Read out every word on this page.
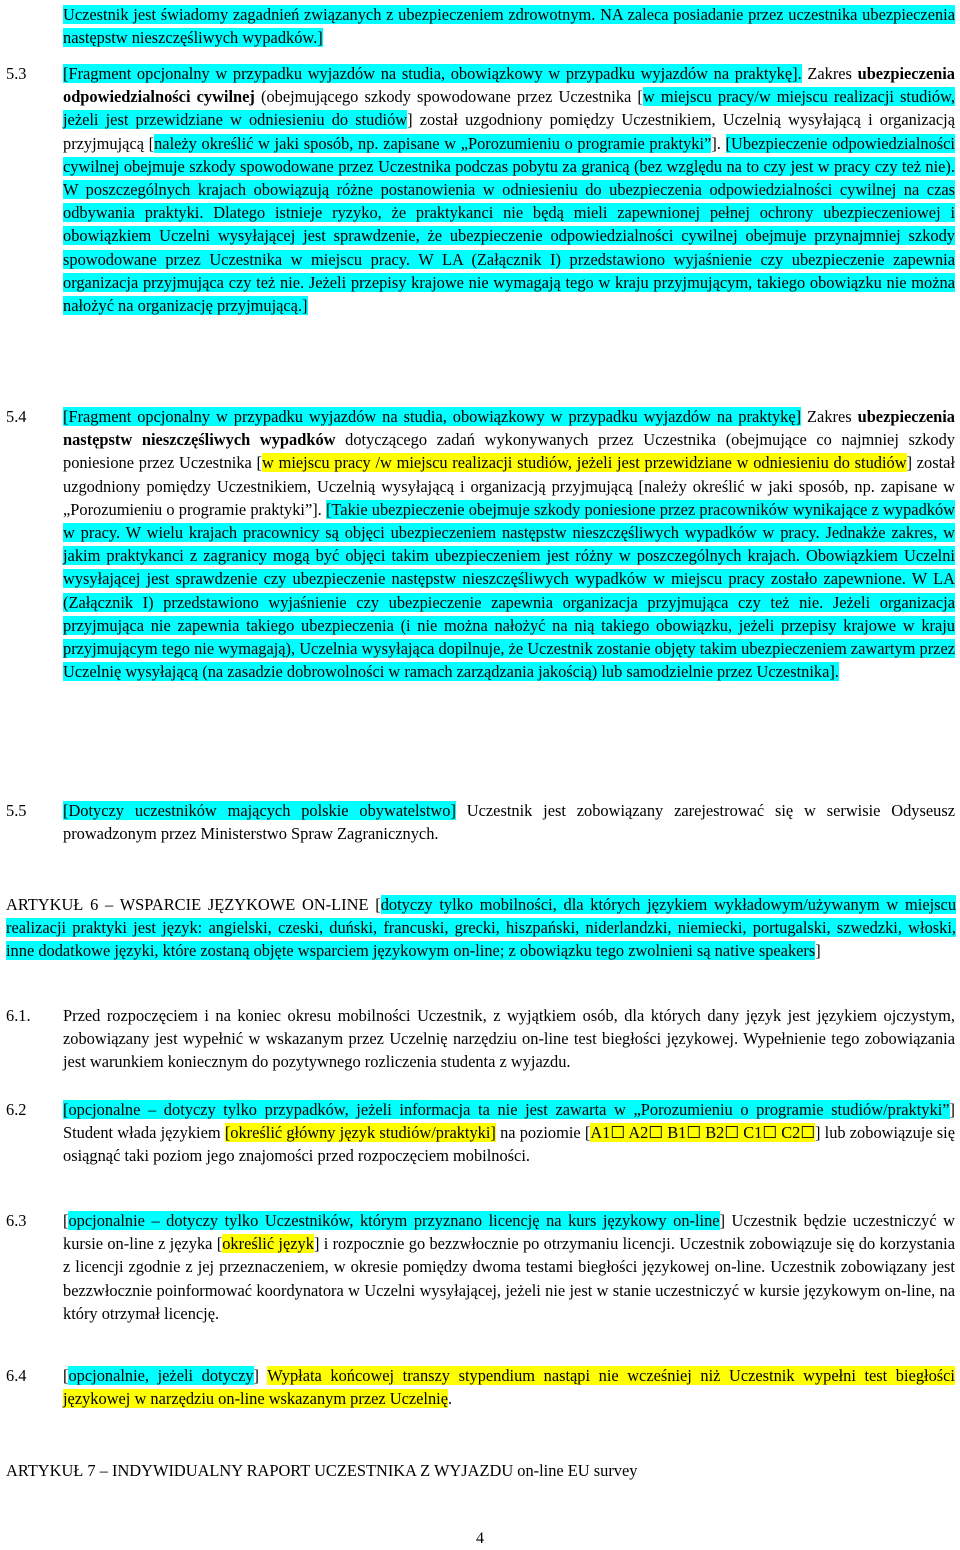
Uczestnik jest świadomy zagadnień związanych z ubezpieczeniem zdrowotnym. NA zaleca posiadanie przez uczestnika ubezpieczenia następstw nieszczęśliwych wypadków.]
5.3 [Fragment opcjonalny w przypadku wyjazdów na studia, obowiązkowy w przypadku wyjazdów na praktykę]. Zakres ubezpieczenia odpowiedzialności cywilnej (obejmującego szkody spowodowane przez Uczestnika [w miejscu pracy/w miejscu realizacji studiów, jeżeli jest przewidziane w odniesieniu do studiów] został uzgodniony pomiędzy Uczestnikiem, Uczelnią wysyłającą i organizacją przyjmującą [należy określić w jaki sposób, np. zapisane w „Porozumieniu o programie praktyki”]. [Ubezpieczenie odpowiedzialności cywilnej obejmuje szkody spowodowane przez Uczestnika podczas pobytu za granicą (bez względu na to czy jest w pracy czy też nie). W poszczególnych krajach obowiązują różne postanowienia w odniesieniu do ubezpieczenia odpowiedzialności cywilnej na czas odbywania praktyki. Dlatego istnieje ryzyko, że praktykanci nie będą mieli zapewnionej pełnej ochrony ubezpieczeniowej i obowiązkiem Uczelni wysyłającej jest sprawdzenie, że ubezpieczenie odpowiedzialności cywilnej obejmuje przynajmniej szkody spowodowane przez Uczestnika w miejscu pracy. W LA (Załącznik I) przedstawiono wyjaśnienie czy ubezpieczenie zapewnia organizacja przyjmująca czy też nie. Jeżeli przepisy krajowe nie wymagają tego w kraju przyjmującym, takiego obowiązku nie można nałożyć na organizację przyjmującą.]
5.4 [Fragment opcjonalny w przypadku wyjazdów na studia, obowiązkowy w przypadku wyjazdów na praktykę] Zakres ubezpieczenia następstw nieszczęśliwych wypadków dotyczącego zadań wykonywanych przez Uczestnika (obejmujące co najmniej szkody poniesione przez Uczestnika [w miejscu pracy /w miejscu realizacji studiów, jeżeli jest przewidziane w odniesieniu do studiów] został uzgodniony pomiędzy Uczestnikiem, Uczelnią wysyłającą i organizacją przyjmującą [należy określić w jaki sposób, np. zapisane w „Porozumieniu o programie praktyki”]. [Takie ubezpieczenie obejmuje szkody poniesione przez pracowników wynikające z wypadków w pracy. W wielu krajach pracownicy są objęci ubezpieczeniem następstw nieszczęśliwych wypadków w pracy. Jednakże zakres, w jakim praktykanci z zagranicy mogą być objęci takim ubezpieczeniem jest różny w poszczególnych krajach. Obowiązkiem Uczelni wysyłającej jest sprawdzenie czy ubezpieczenie następstw nieszczęśliwych wypadków w miejscu pracy zostało zapewnione. W LA (Załącznik I) przedstawiono wyjaśnienie czy ubezpieczenie zapewnia organizacja przyjmująca czy też nie. Jeżeli organizacja przyjmująca nie zapewnia takiego ubezpieczenia (i nie można nałożyć na nią takiego obowiązku, jeżeli przepisy krajowe w kraju przyjmującym tego nie wymagają), Uczelnia wysyłająca dopilnuje, że Uczestnik zostanie objęty takim ubezpieczeniem zawartym przez Uczelnię wysyłającą (na zasadzie dobrowolności w ramach zarządzania jakością) lub samodzielnie przez Uczestnika].
5.5 [Dotyczy uczestników mających polskie obywatelstwo] Uczestnik jest zobowiązany zarejestrować się w serwisie Odyseusz prowadzonym przez Ministerstwo Spraw Zagranicznych.
ARTYKUŁ 6 – WSPARCIE JĘZYKOWE ON-LINE [dotyczy tylko mobilności, dla których językiem wykładowym/używanym w miejscu realizacji praktyki jest język: angielski, czeski, duński, francuski, grecki, hiszpański, niderlandzki, niemiecki, portugalski, szwedzki, włoski, inne dodatkowe języki, które zostaną objęte wsparciem językowym on-line; z obowiązku tego zwolnieni są native speakers]
6.1. Przed rozpoczęciem i na koniec okresu mobilności Uczestnik, z wyjątkiem osób, dla których dany język jest językiem ojczystym, zobowiązany jest wypełnić w wskazanym przez Uczelnię narzędziu on-line test biegłości językowej. Wypełnienie tego zobowiązania jest warunkiem koniecznym do pozytywnego rozliczenia studenta z wyjazdu.
6.2 [opcjonalne – dotyczy tylko przypadków, jeżeli informacja ta nie jest zawarta w „Porozumieniu o programie studiów/praktyki”] Student włada językiem [określić główny język studiów/praktyki] na poziomie [A1☐ A2☐ B1☐ B2☐ C1☐ C2☐] lub zobowiązuje się osiągnąć taki poziom jego znajomości przed rozpoczęciem mobilności.
6.3 [opcjonalnie – dotyczy tylko Uczestników, którym przyznano licencję na kurs językowy on-line] Uczestnik będzie uczestniczyć w kursie on-line z języka [określić język] i rozpocznie go bezzwłocznie po otrzymaniu licencji. Uczestnik zobowiązuje się do korzystania z licencji zgodnie z jej przeznaczeniem, w okresie pomiędzy dwoma testami biegłości językowej on-line. Uczestnik zobowiązany jest bezzwłocznie poinformować koordynatora w Uczelni wysyłającej, jeżeli nie jest w stanie uczestniczyć w kursie językowym on-line, na który otrzymał licencję.
6.4 [opcjonalnie, jeżeli dotyczy] Wypłata końcowej transzy stypendium nastąpi nie wcześniej niż Uczestnik wypełni test biegłości językowej w narzędziu on-line wskazanym przez Uczelnię.
ARTYKUŁ 7 – INDYWIDUALNY RAPORT UCZESTNIKA Z WYJAZDU on-line EU survey
4
